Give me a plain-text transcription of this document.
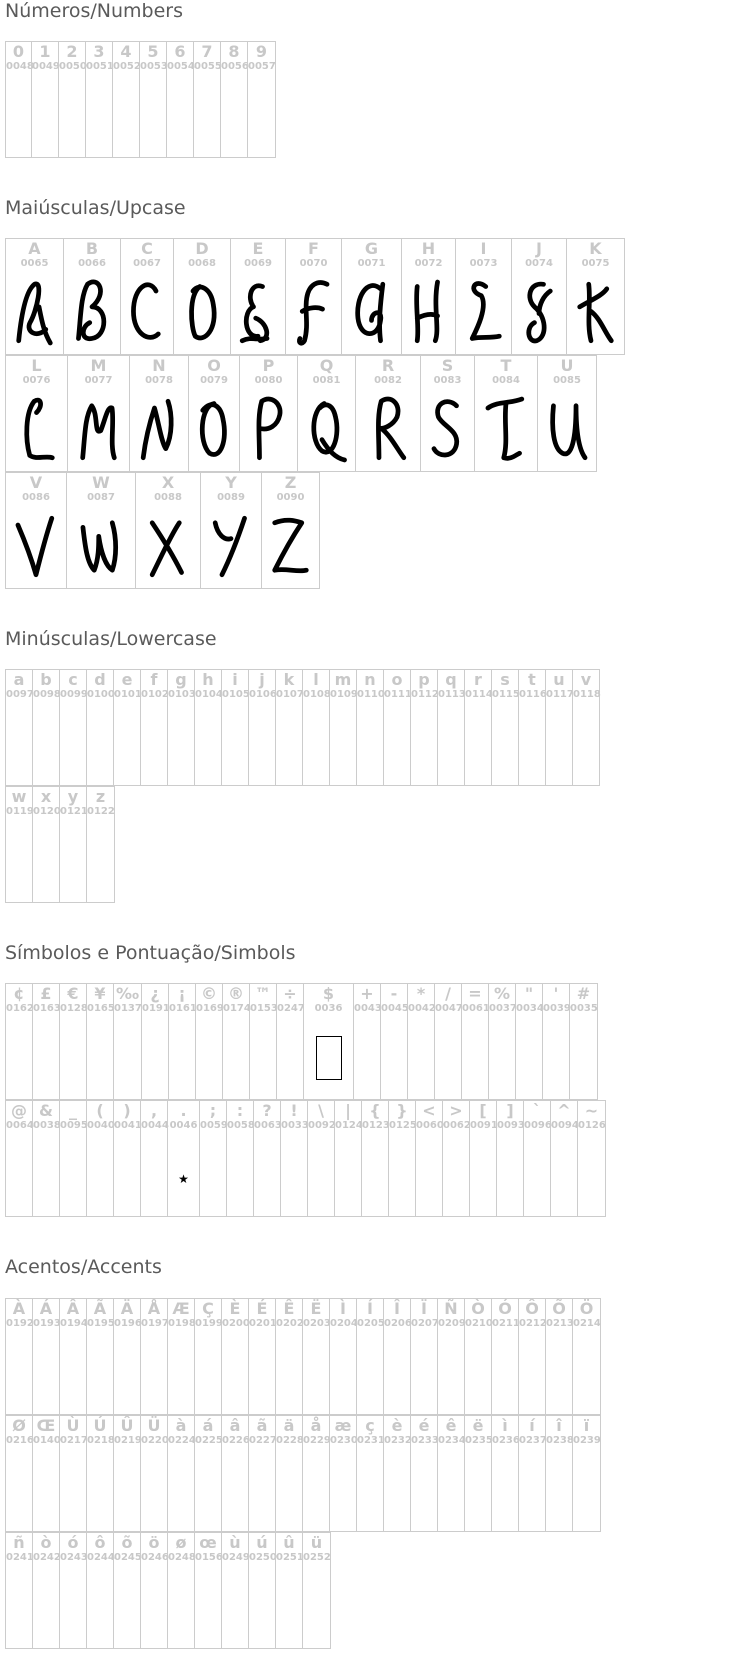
Números/Numbers
0
0048
1
0049
2
0050
3
0051
4
0052
5
0053
6
0054
7
0055
8
0056
9
0057
Maiúsculas/Upcase
A
0065
B
0066
C
0067
D
0068
E
0069
F
0070
G
0071
H
0072
I
0073
J
0074
K
0075
L
0076
M
0077
N
0078
O
0079
P
0080
Q
0081
R
0082
S
0083
T
0084
U
0085
V
0086
W
0087
X
0088
Y
0089
Z
0090
Minúsculas/Lowercase
a
0097
b
0098
c
0099
d
0100
e
0101
f
0102
g
0103
h
0104
i
0105
j
0106
k
0107
l
0108
m
0109
n
0110
o
0111
p
0112
q
0113
r
0114
s
0115
t
0116
u
0117
v
0118
w
0119
x
0120
y
0121
z
0122
Símbolos e Pontuação/Simbols
¢
0162
£
0163
€
0128
¥
0165
‰
0137
¿
0191
¡
0161
©
0169
®
0174
™
0153
÷
0247
$
0036
+
0043
-
0045
*
0042
/
0047
=
0061
%
0037
"
0034
'
0039
#
0035
@
0064
&
0038
_
0095
(
0040
)
0041
,
0044
.
0046
★
;
0059
:
0058
?
0063
!
0033
\
0092
|
0124
{
0123
}
0125
<
0060
>
0062
[
0091
]
0093
`
0096
^
0094
~
0126
Acentos/Accents
À
0192
Á
0193
Â
0194
Ã
0195
Ä
0196
Å
0197
Æ
0198
Ç
0199
È
0200
É
0201
Ê
0202
Ë
0203
Ì
0204
Í
0205
Î
0206
Ï
0207
Ñ
0209
Ò
0210
Ó
0211
Ô
0212
Õ
0213
Ö
0214
Ø
0216
Œ
0140
Ù
0217
Ú
0218
Û
0219
Ü
0220
à
0224
á
0225
â
0226
ã
0227
ä
0228
å
0229
æ
0230
ç
0231
è
0232
é
0233
ê
0234
ë
0235
ì
0236
í
0237
î
0238
ï
0239
ñ
0241
ò
0242
ó
0243
ô
0244
õ
0245
ö
0246
ø
0248
œ
0156
ù
0249
ú
0250
û
0251
ü
0252
